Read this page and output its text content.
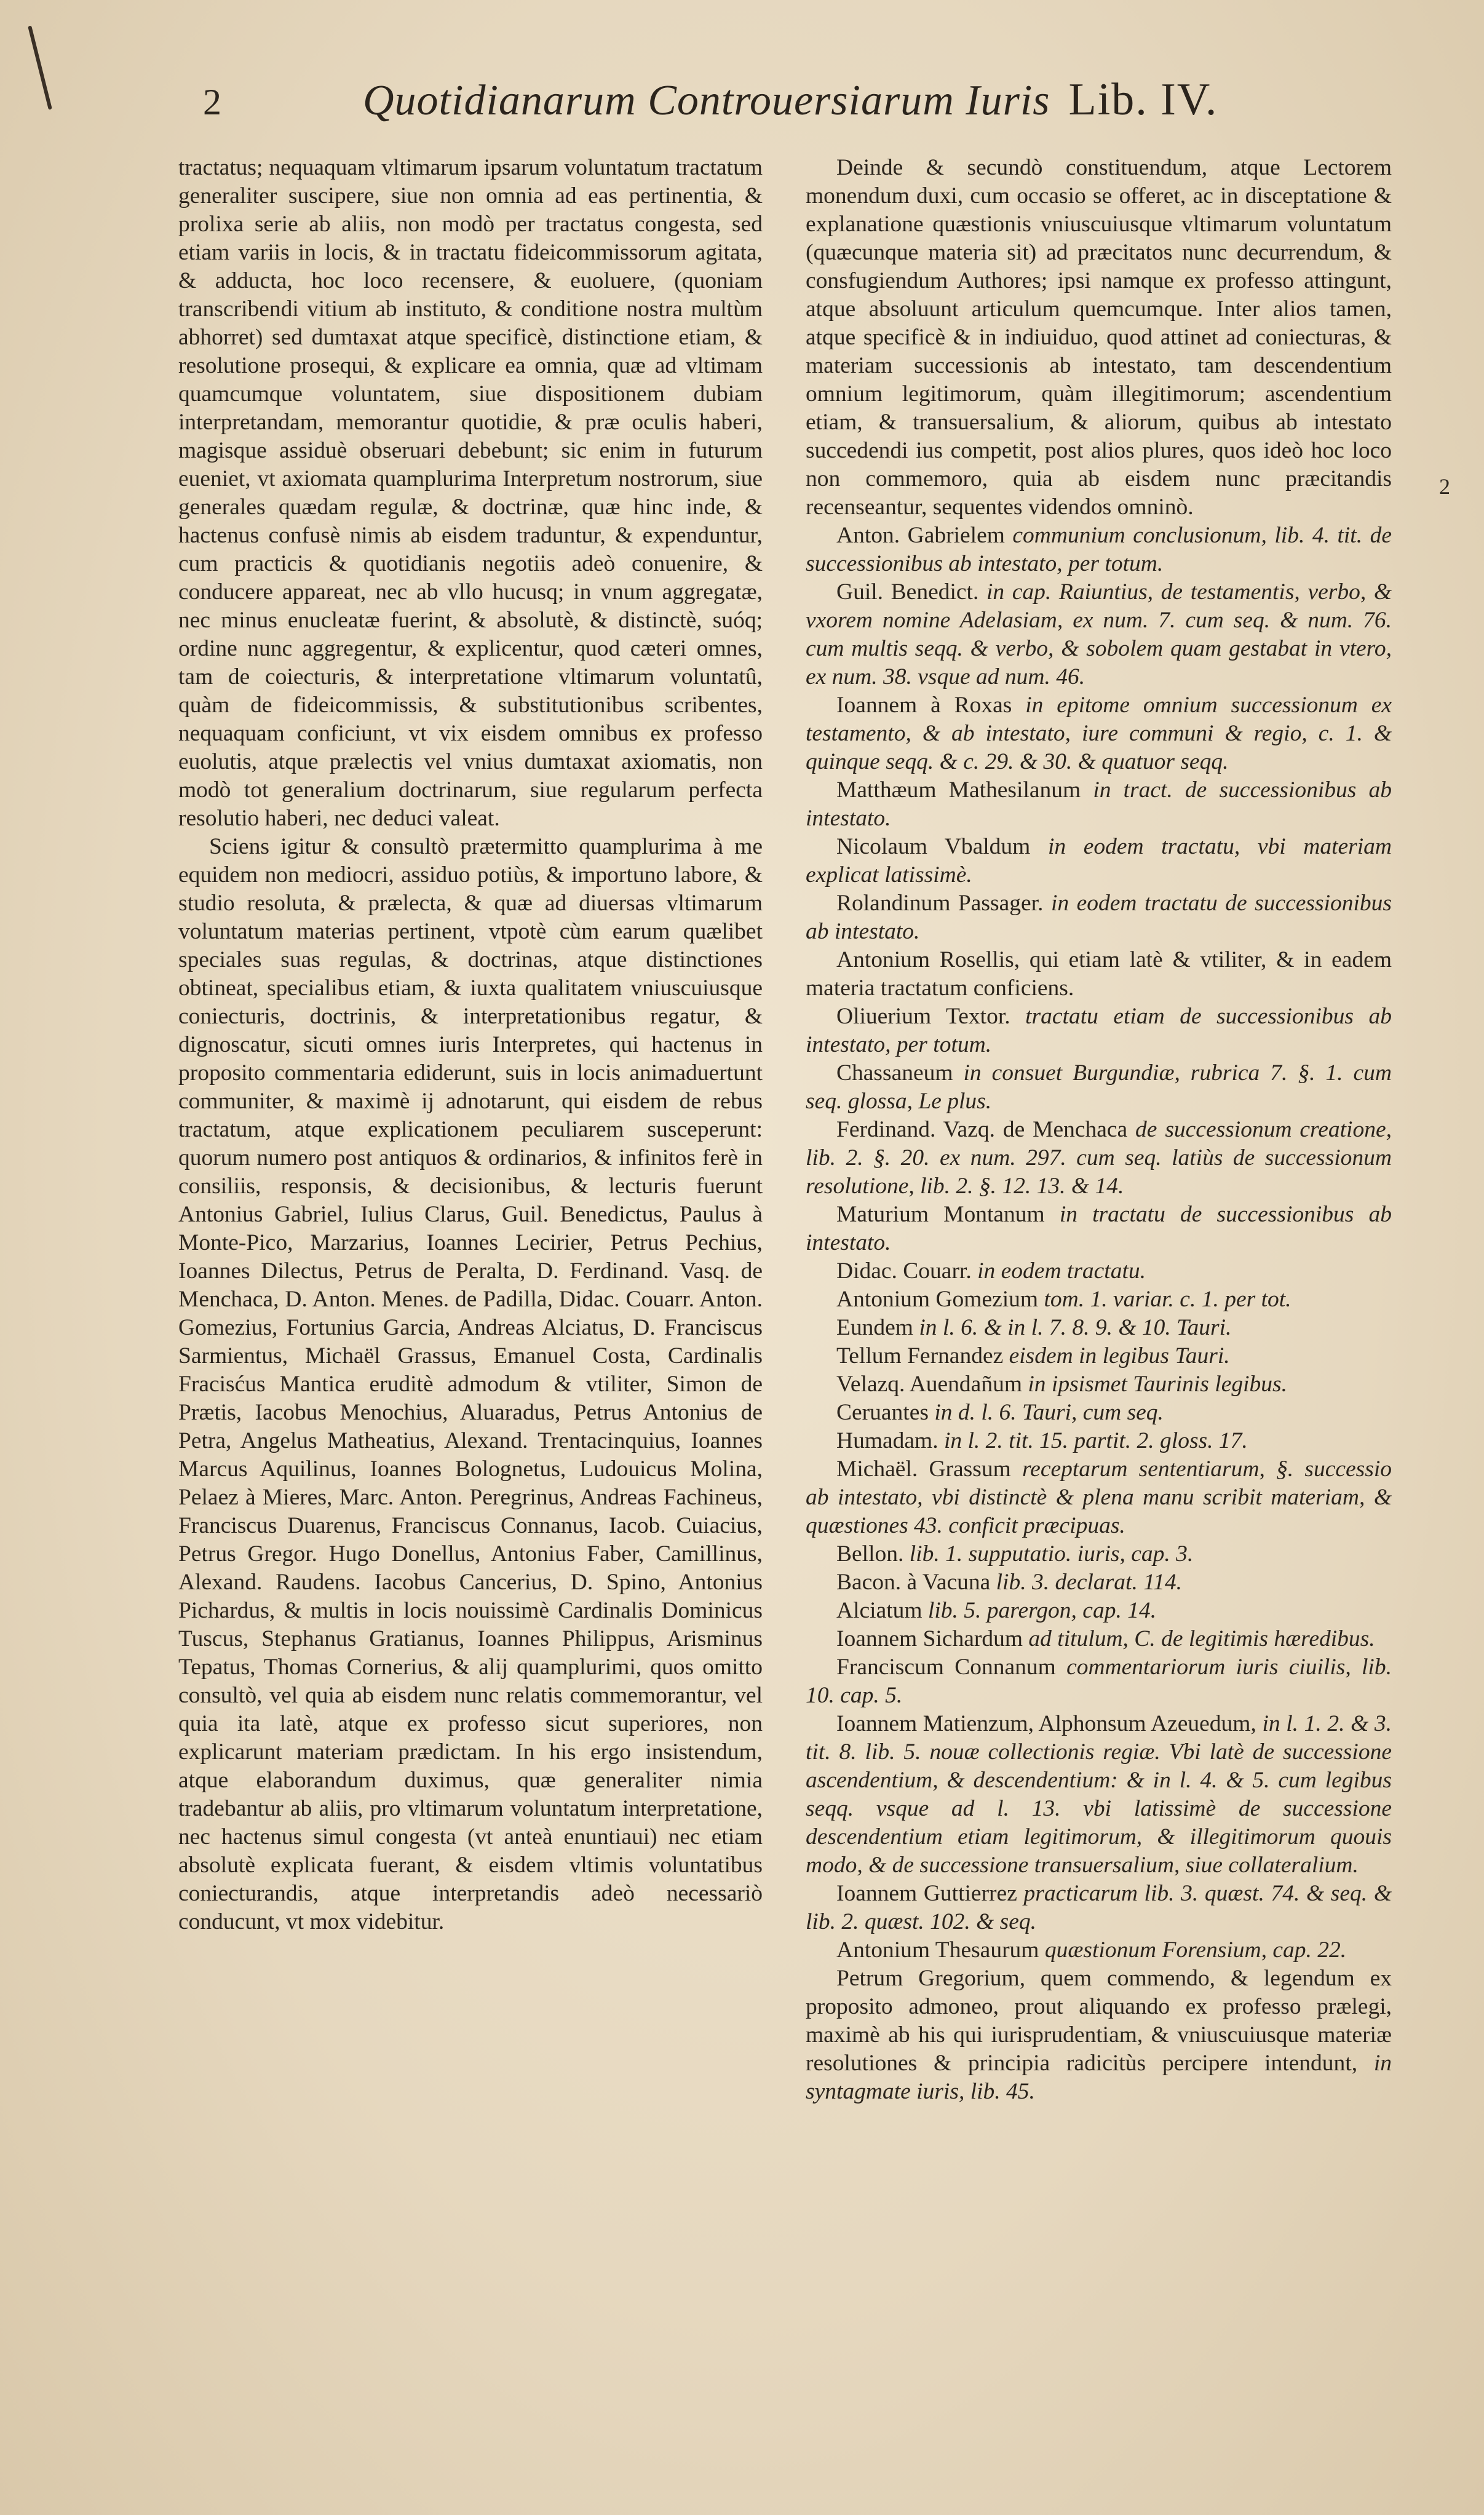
2	Quotidianarum Controuersiarum Iuris Lib. IV.

tractatus; nequaquam vltimarum ipsarum voluntatum tractatum generaliter suscipere, siue non omnia ad eas pertinentia, & prolixa serie ab aliis, non modò per tractatus congesta, sed etiam variis in locis, & in tractatu fideicommissorum agitata, & adducta, hoc loco recensere, & euoluere, (quoniam transcribendi vitium ab instituto, & conditione nostra multùm abhorret) sed dumtaxat atque specificè, distinctione etiam, & resolutione prosequi, & explicare ea omnia, quæ ad vltimam quamcumque voluntatem, siue dispositionem dubiam interpretandam, memorantur quotidie, & præ oculis haberi, magisque assiduè obseruari debebunt; sic enim in futurum eueniet, vt axiomata quamplurima Interpretum nostrorum, siue generales quædam regulæ, & doctrinæ, quæ hinc inde, & hactenus confusè nimis ab eisdem traduntur, & expenduntur, cum practicis & quotidianis negotiis adeò conuenire, & conducere appareat, nec ab vllo hucusq; in vnum aggregatæ, nec minus enucleatæ fuerint, & absolutè, & distinctè, suóq; ordine nunc aggregentur, & explicentur, quod cæteri omnes, tam de coiecturis, & interpretatione vltimarum voluntatû, quàm de fideicommissis, & substitutionibus scribentes, nequaquam conficiunt, vt vix eisdem omnibus ex professo euolutis, atque prælectis vel vnius dumtaxat axiomatis, non modò tot generalium doctrinarum, siue regularum perfecta resolutio haberi, nec deduci valeat.

Sciens igitur & consultò prætermitto quamplurima à me equidem non mediocri, assiduo potiùs, & importuno labore, & studio resoluta, & prælecta, & quæ ad diuersas vltimarum voluntatum materias pertinent, vtpotè cùm earum quælibet speciales suas regulas, & doctrinas, atque distinctiones obtineat, specialibus etiam, & iuxta qualitatem vniuscuiusque coniecturis, doctrinis, & interpretationibus regatur, & dignoscatur, sicuti omnes iuris Interpretes, qui hactenus in proposito commentaria ediderunt, suis in locis animaduertunt communiter, & maximè ij adnotarunt, qui eisdem de rebus tractatum, atque explicationem peculiarem susceperunt: quorum numero post antiquos & ordinarios, & infinitos ferè in consiliis, responsis, & decisionibus, & lecturis fuerunt Antonius Gabriel, Iulius Clarus, Guil. Benedictus, Paulus à Monte-Pico, Marzarius, Ioannes Lecirier, Petrus Pechius, Ioannes Dilectus, Petrus de Peralta, D. Ferdinand. Vasq. de Menchaca, D. Anton. Menes. de Padilla, Didac. Couarr. Anton. Gomezius, Fortunius Garcia, Andreas Alciatus, D. Franciscus Sarmientus, Michaël Grassus, Emanuel Costa, Cardinalis Fracisćus Mantica eruditè admodum & vtiliter, Simon de Prætis, Iacobus Menochius, Aluaradus, Petrus Antonius de Petra, Angelus Matheatius, Alexand. Trentacinquius, Ioannes Marcus Aquilinus, Ioannes Bolognetus, Ludouicus Molina, Pelaez à Mieres, Marc. Anton. Peregrinus, Andreas Fachineus, Franciscus Duarenus, Franciscus Connanus, Iacob. Cuiacius, Petrus Gregor. Hugo Donellus, Antonius Faber, Camillinus, Alexand. Raudens. Iacobus Cancerius, D. Spino, Antonius Pichardus, & multis in locis nouissimè Cardinalis Dominicus Tuscus, Stephanus Gratianus, Ioannes Philippus, Arisminus Tepatus, Thomas Cornerius, & alij quamplurimi, quos omitto consultò, vel quia ab eisdem nunc relatis commemorantur, vel quia ita latè, atque ex professo sicut superiores, non explicarunt materiam prædictam. In his ergo insistendum, atque elaborandum duximus, quæ generaliter nimia tradebantur ab aliis, pro vltimarum voluntatum interpretatione, nec hactenus simul congesta (vt anteà enuntiaui) nec etiam absolutè explicata fuerant, & eisdem vltimis voluntatibus coniecturandis, atque interpretandis adeò necessariò conducunt, vt mox videbitur.

Deinde & secundò constituendum, atque Lectorem monendum duxi, cum occasio se offeret, ac in disceptatione & explanatione quæstionis vniuscuiusque vltimarum voluntatum (quæcunque materia sit) ad præcitatos nunc decurrendum, & consfugiendum Authores; ipsi namque ex professo attingunt, atque absoluunt articulum quemcumque. Inter alios tamen, atque specificè & in indiuiduo, quod attinet ad coniecturas, & materiam successionis ab intestato, tam descendentium omnium legitimorum, quàm illegitimorum; ascendentium etiam, & transuersalium, & aliorum, quibus ab intestato succedendi ius competit, post alios plures, quos ideò hoc loco non commemoro, quia ab eisdem nunc præcitandis recenseantur, sequentes videndos omninò.

2

Anton. Gabrielem communium conclusionum, lib. 4. tit. de successionibus ab intestato, per totum.

Guil. Benedict. in cap. Raiuntius, de testamentis, verbo, & vxorem nomine Adelasiam, ex num. 7. cum seq. & num. 76. cum multis seqq. & verbo, & sobolem quam gestabat in vtero, ex num. 38. vsque ad num. 46.

Ioannem à Roxas in epitome omnium successionum ex testamento, & ab intestato, iure communi & regio, c. 1. & quinque seqq. & c. 29. & 30. & quatuor seqq.

Matthæum Mathesilanum in tract. de successionibus ab intestato.

Nicolaum Vbaldum in eodem tractatu, vbi materiam explicat latissimè.

Rolandinum Passager. in eodem tractatu de successionibus ab intestato.

Antonium Rosellis, qui etiam latè & vtiliter, & in eadem materia tractatum conficiens.

Oliuerium Textor. tractatu etiam de successionibus ab intestato, per totum.

Chassaneum in consuet Burgundiæ, rubrica 7. §. 1. cum seq. glossa, Le plus.

Ferdinand. Vazq. de Menchaca de successionum creatione, lib. 2. §. 20. ex num. 297. cum seq. latiùs de successionum resolutione, lib. 2. §. 12. 13. & 14.

Maturium Montanum in tractatu de successionibus ab intestato.

Didac. Couarr. in eodem tractatu.

Antonium Gomezium tom. 1. variar. c. 1. per tot.

Eundem in l. 6. & in l. 7. 8. 9. & 10. Tauri.

Tellum Fernandez eisdem in legibus Tauri.

Velazq. Auendañum in ipsismet Taurinis legibus.

Ceruantes in d. l. 6. Tauri, cum seq.

Humadam. in l. 2. tit. 15. partit. 2. gloss. 17.

Michaël. Grassum receptarum sententiarum, §. successio ab intestato, vbi distinctè & plena manu scribit materiam, & quæstiones 43. conficit præcipuas.

Bellon. lib. 1. supputatio. iuris, cap. 3.

Bacon. à Vacuna lib. 3. declarat. 114.

Alciatum lib. 5. parergon, cap. 14.

Ioannem Sichardum ad titulum, C. de legitimis hæredibus.

Franciscum Connanum commentariorum iuris ciuilis, lib. 10. cap. 5.

Ioannem Matienzum, Alphonsum Azeuedum, in l. 1. 2. & 3. tit. 8. lib. 5. nouæ collectionis regiæ. Vbi latè de successione ascendentium, & descendentium: & in l. 4. & 5. cum legibus seqq. vsque ad l. 13. vbi latissimè de successione descendentium etiam legitimorum, & illegitimorum quouis modo, & de successione transuersalium, siue collateralium.

Ioannem Guttierrez practicarum lib. 3. quæst. 74. & seq. & lib. 2. quæst. 102. & seq.

Antonium Thesaurum quæstionum Forensium, cap. 22.

Petrum Gregorium, quem commendo, & legendum ex proposito admoneo, prout aliquando ex professo prælegi, maximè ab his qui iurisprudentiam, & vniuscuiusque materiæ resolutiones & principia radicitùs percipere intendunt, in syntagmate iuris, lib. 45.
